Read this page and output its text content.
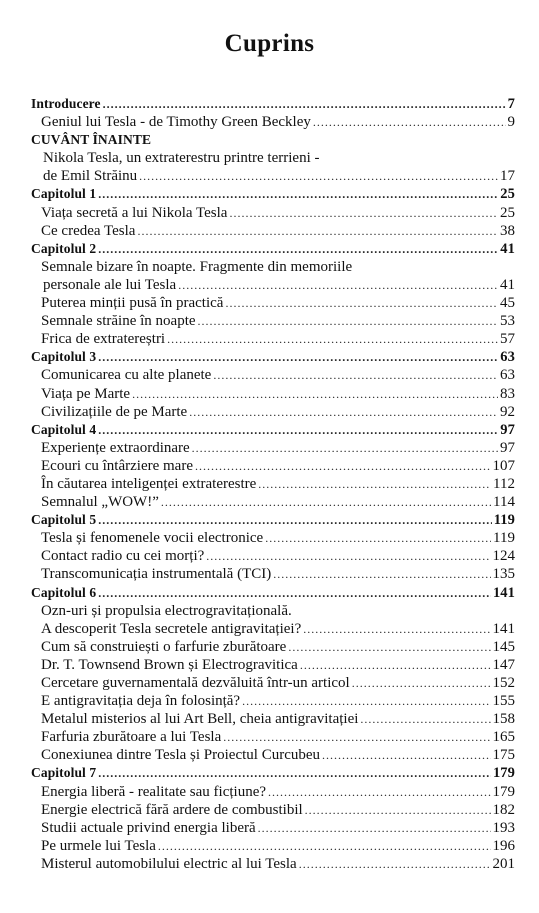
Cuprins
Introducere .....	7
Geniul lui Tesla - de Timothy Green Beckley .....	9
CUVÂNT ÎNAINTE
Nikola Tesla, un extraterestru printre terrieni -
de Emil Străinu .....	17
Capitolul 1 .....	25
Viața secretă a lui Nikola Tesla .....	25
Ce credea Tesla .....	38
Capitolul 2 .....	41
Semnale bizare în noapte. Fragmente din memoriile
personale ale lui Tesla .....	41
Puterea minții pusă în practică .....	45
Semnale străine în noapte .....	53
Frica de extratereștri .....	57
Capitolul 3 .....	63
Comunicarea cu alte planete .....	63
Viața pe Marte .....	83
Civilizațiile de pe Marte .....	92
Capitolul 4 .....	97
Experiențe extraordinare .....	97
Ecouri cu întârziere mare .....	107
În căutarea inteligenței extraterestre .....	112
Semnalul „WOW!” .....	114
Capitolul 5 .....	119
Tesla și fenomenele vocii electronice .....	119
Contact radio cu cei morți? .....	124
Transcomunicația instrumentală (TCI) .....	135
Capitolul 6 .....	141
Ozn-uri și propulsia electrogravitațională.
A descoperit Tesla secretele antigravitației? .....	141
Cum să construiești o farfurie zburătoare .....	145
Dr. T. Townsend Brown și Electrogravitica .....	147
Cercetare guvernamentală dezvăluită într-un articol .....	152
E antigravitația deja în folosință? .....	155
Metalul misterios al lui Art Bell, cheia antigravitației .....	158
Farfuria zburătoare a lui Tesla .....	165
Conexiunea dintre Tesla și Proiectul Curcubeu .....	175
Capitolul 7 .....	179
Energia liberă - realitate sau ficțiune? .....	179
Energie electrică fără ardere de combustibil .....	182
Studii actuale privind energia liberă .....	193
Pe urmele lui Tesla .....	196
Misterul automobilului electric al lui Tesla .....	201
